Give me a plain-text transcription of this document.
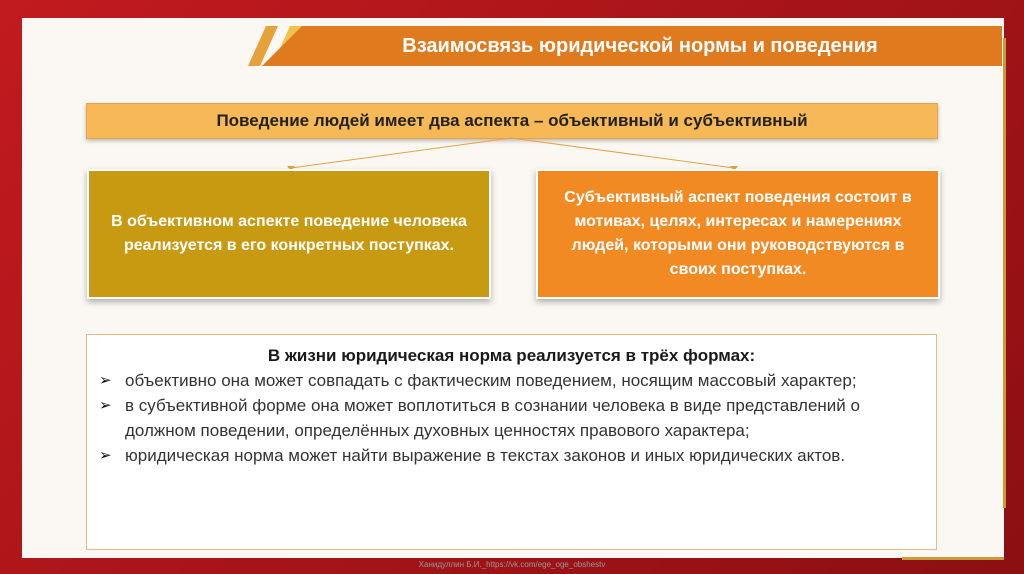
Взаимосвязь юридической нормы и поведения
Поведение людей имеет два аспекта – объективный и субъективный
В объективном аспекте поведение человека реализуется в его конкретных поступках.
Субъективный аспект поведения состоит в мотивах, целях, интересах и намерениях людей, которыми они руководствуются в своих поступках.
В жизни юридическая норма реализуется в трёх формах:
➢ объективно она может совпадать с фактическим поведением, носящим массовый характер;
➢ в субъективной форме она может воплотиться в сознании человека в виде представлений о должном поведении, определённых духовных ценностях правового характера;
➢ юридическая норма может найти выражение в текстах законов и иных юридических актов.
Ханидуллин Б.И._https://vk.com/ege_oge_obshestv
